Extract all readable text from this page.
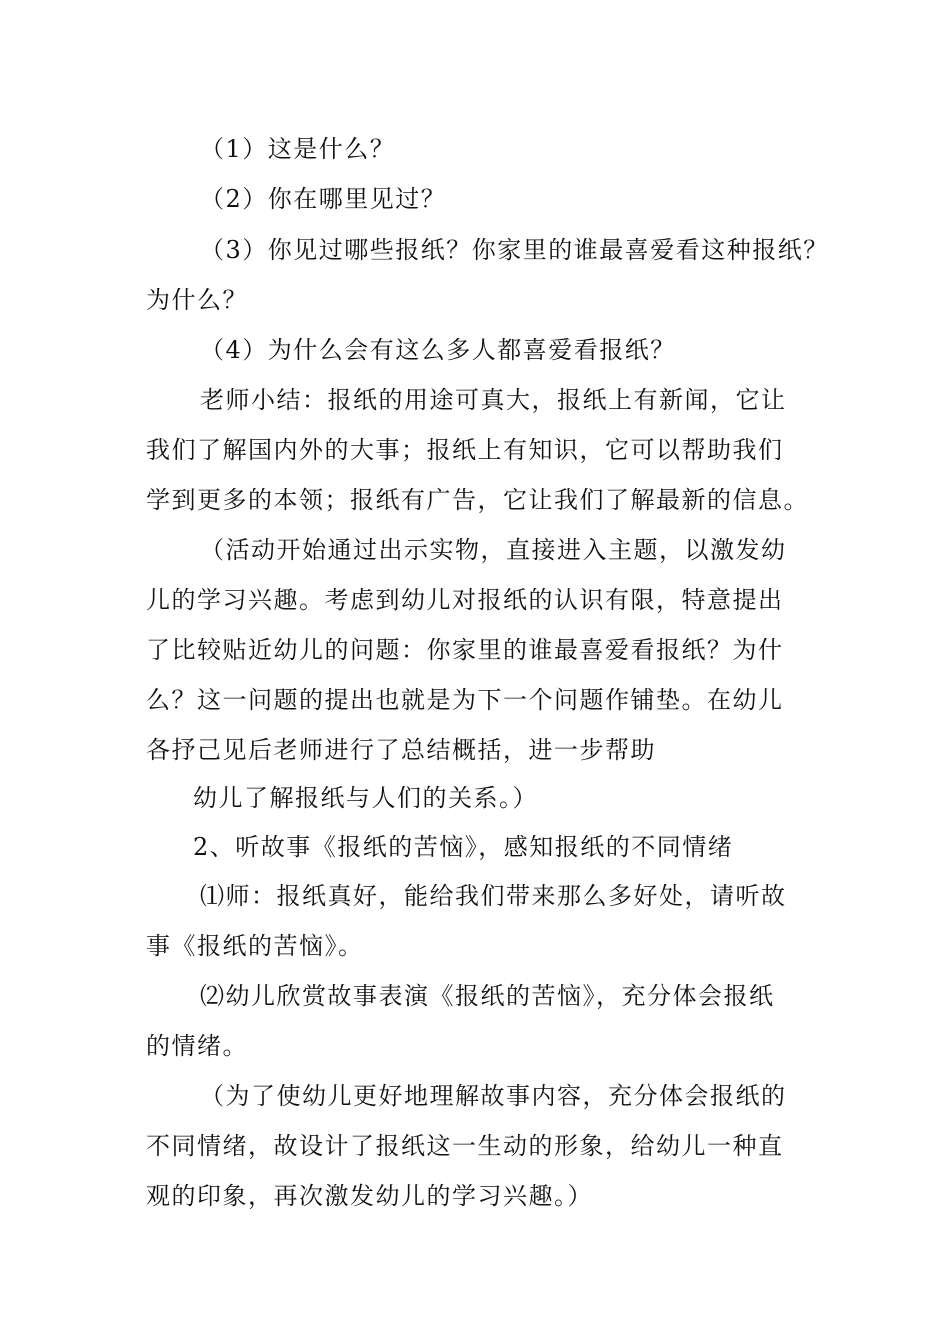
（1）这是什么？
（2）你在哪里见过？
（3）你见过哪些报纸？你家里的谁最喜爱看这种报纸？
为什么？
（4）为什么会有这么多人都喜爱看报纸？
老师小结：报纸的用途可真大，报纸上有新闻，它让
我们了解国内外的大事；报纸上有知识，它可以帮助我们
学到更多的本领；报纸有广告，它让我们了解最新的信息。
（活动开始通过出示实物，直接进入主题，以激发幼
儿的学习兴趣。考虑到幼儿对报纸的认识有限，特意提出
了比较贴近幼儿的问题：你家里的谁最喜爱看报纸？为什
么？这一问题的提出也就是为下一个问题作铺垫。在幼儿
各抒己见后老师进行了总结概括，进一步帮助
幼儿了解报纸与人们的关系。）
2、听故事《报纸的苦恼》，感知报纸的不同情绪
⑴师：报纸真好，能给我们带来那么多好处，请听故
事《报纸的苦恼》。
⑵幼儿欣赏故事表演《报纸的苦恼》，充分体会报纸
的情绪。
（为了使幼儿更好地理解故事内容，充分体会报纸的
不同情绪，故设计了报纸这一生动的形象，给幼儿一种直
观的印象，再次激发幼儿的学习兴趣。）
